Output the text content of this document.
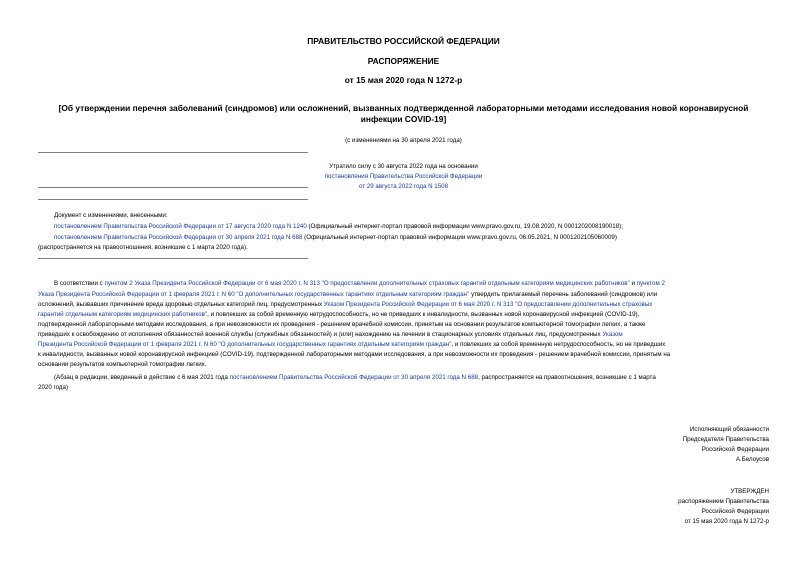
ПРАВИТЕЛЬСТВО РОССИЙСКОЙ ФЕДЕРАЦИИ
РАСПОРЯЖЕНИЕ
от 15 мая 2020 года N 1272-р
[Об утверждении перечня заболеваний (синдромов) или осложнений, вызванных подтвержденной лабораторными методами исследования новой коронавирусной
инфекции COVID-19]
(с изменениями на 30 апреля 2021 года)
Утратило силу с 30 августа 2022 года на основании
постановления Правительства Российской Федерации
от 29 августа 2022 года N 1508
Документ с изменениями, внесенными:
постановлением Правительства Российской Федерации от 17 августа 2020 года N 1240 (Официальный интернет-портал правовой информации www.pravo.gov.ru, 19.08.2020, N 0001202008190018);
постановлением Правительства Российской Федерации от 30 апреля 2021 года N 688 (Официальный интернет-портал правовой информации www.pravo.gov.ru, 06.05.2021, N 0001202105060009)
(распространяется на правоотношения, возникшие с 1 марта 2020 года).
В соответствии с пунктом 2 Указа Президента Российской Федерации от 6 мая 2020 г. N 313 "О предоставлении дополнительных страховых гарантий отдельным категориям медицинских работников" и пунктом 2
Указа Президента Российской Федерации от 1 февраля 2021 г. N 60 "О дополнительных государственных гарантиях отдельным категориям граждан" утвердить прилагаемый перечень заболеваний (синдромов) или
осложнений, вызвавших причинение вреда здоровью отдельных категорий лиц, предусмотренных Указом Президента Российской Федерации от 6 мая 2020 г. N 313 "О предоставлении дополнительных страховых
гарантий отдельным категориям медицинских работников", и повлекших за собой временную нетрудоспособность, но не приведших к инвалидности, вызванных новой коронавирусной инфекцией (COVID-19),
подтвержденной лабораторными методами исследования, а при невозможности их проведения - решением врачебной комиссии, принятым на основании результатов компьютерной томографии легких, а также
приведших к освобождению от исполнения обязанностей военной службы (служебных обязанностей) и (или) нахождению на лечении в стационарных условиях отдельных лиц, предусмотренных Указом
Президента Российской Федерации от 1 февраля 2021 г. N 60 "О дополнительных государственных гарантиях отдельным категориям граждан", и повлекших за собой временную нетрудоспособность, но не приведших
к инвалидности, вызванных новой коронавирусной инфекцией (COVID-19), подтвержденной лабораторными методами исследования, а при невозможности их проведения - решением врачебной комиссии, принятым на
основании результатов компьютерной томографии легких.
(Абзац в редакции, введенный в действие с 6 мая 2021 года постановлением Правительства Российской Федерации от 30 апреля 2021 года N 688, распространяется на правоотношения, возникшие с 1 марта
2020 года)
Исполняющий обязанности
Председателя Правительства
Российской Федерации
А.Белоусов
УТВЕРЖДЕН
распоряжением Правительства
Российской Федерации
от 15 мая 2020 года N 1272-р
